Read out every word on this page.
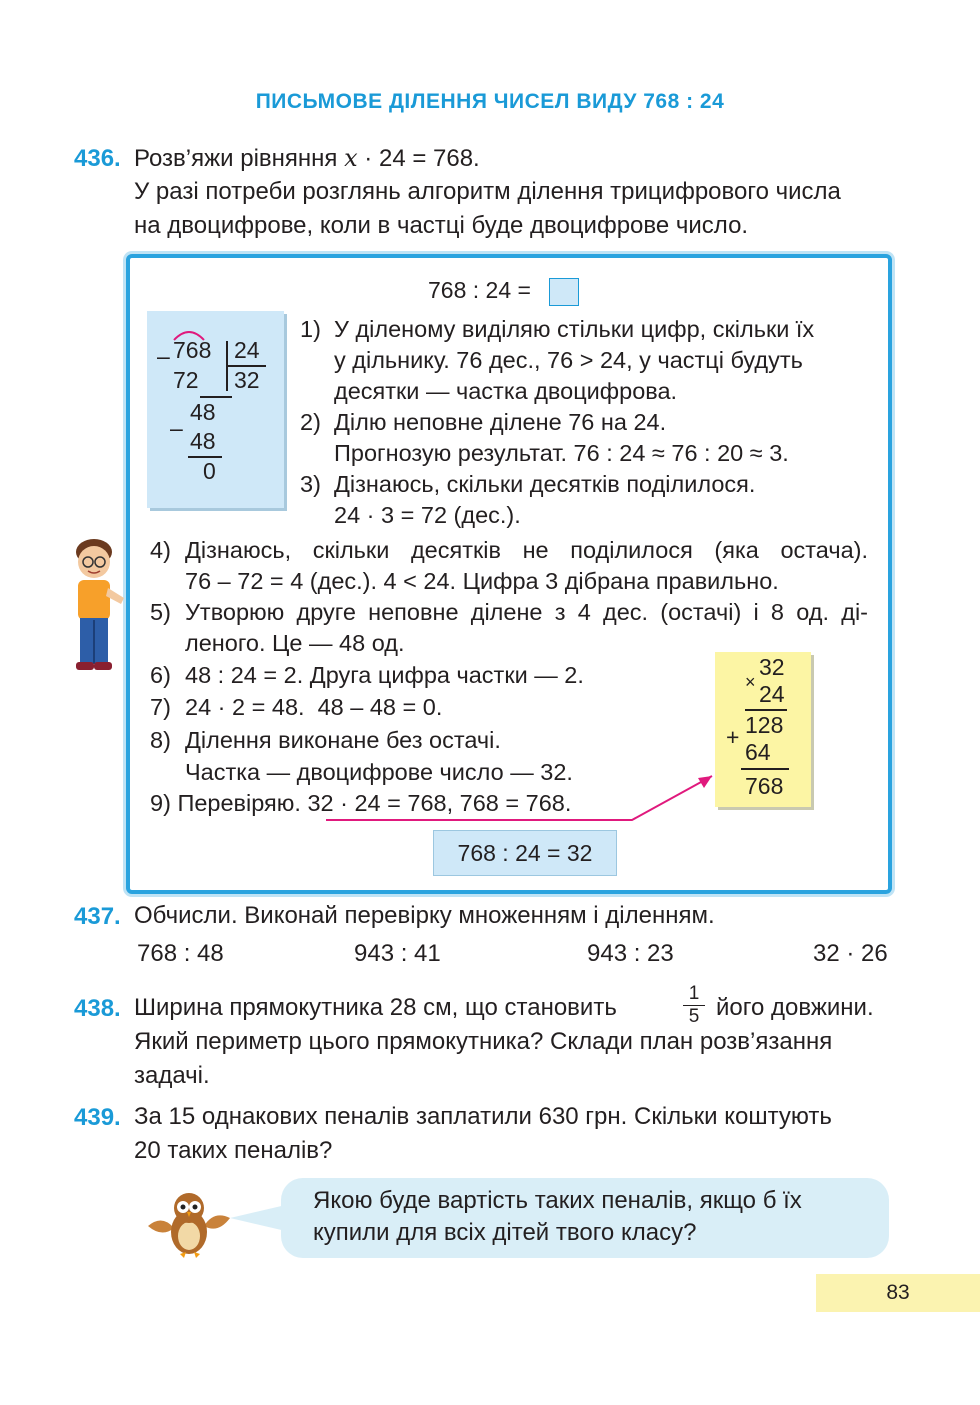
ПИСЬМОВЕ ДІЛЕННЯ ЧИСЕЛ ВИДУ 768 : 24
436. Розв’яжи рівняння x · 24 = 768.
У разі потреби розглянь алгоритм ділення трицифрового числа
на двоцифрове, коли в частці буде двоцифрове число.
768 : 24 =
– 768 24
72 32
48
– 48
0
1) У діленому виділяю стільки цифр, скільки їх
у дільнику. 76 дес., 76 > 24, у частці будуть
десятки — частка двоцифрова.
2) Ділю неповне ділене 76 на 24.
Прогнозую результат. 76 : 24 ≈ 76 : 20 ≈ 3.
3) Дізнаюсь, скільки десятків поділилося.
24 · 3 = 72 (дес.).
4) Дізнаюсь, скільки десятків не поділилося (яка остача).
76 – 72 = 4 (дес.). 4 < 24. Цифра 3 дібрана правильно.
5) Утворюю друге неповне ділене з 4 дес. (остачі) і 8 од. ді-
леного. Це — 48 од.
6) 48 : 24 = 2. Друга цифра частки — 2.
7) 24 · 2 = 48.  48 – 48 = 0.
8) Ділення виконане без остачі.
Частка — двоцифрове число — 32.
9) Перевіряю. 32 · 24 = 768, 768 = 768.
32
× 24
128
+
64
768
768 : 24 = 32
437. Обчисли. Виконай перевірку множенням і діленням.
768 : 48	943 : 41	943 : 23	32 · 26
438. Ширина прямокутника 28 см, що становить
1
5 його довжини.
Який периметр цього прямокутника? Склади план розв’язання
задачі.
439. За 15 однакових пеналів заплатили 630 грн. Скільки коштують
20 таких пеналів?
Якою буде вартість таких пеналів, якщо б їх
купили для всіх дітей твого класу?
83
